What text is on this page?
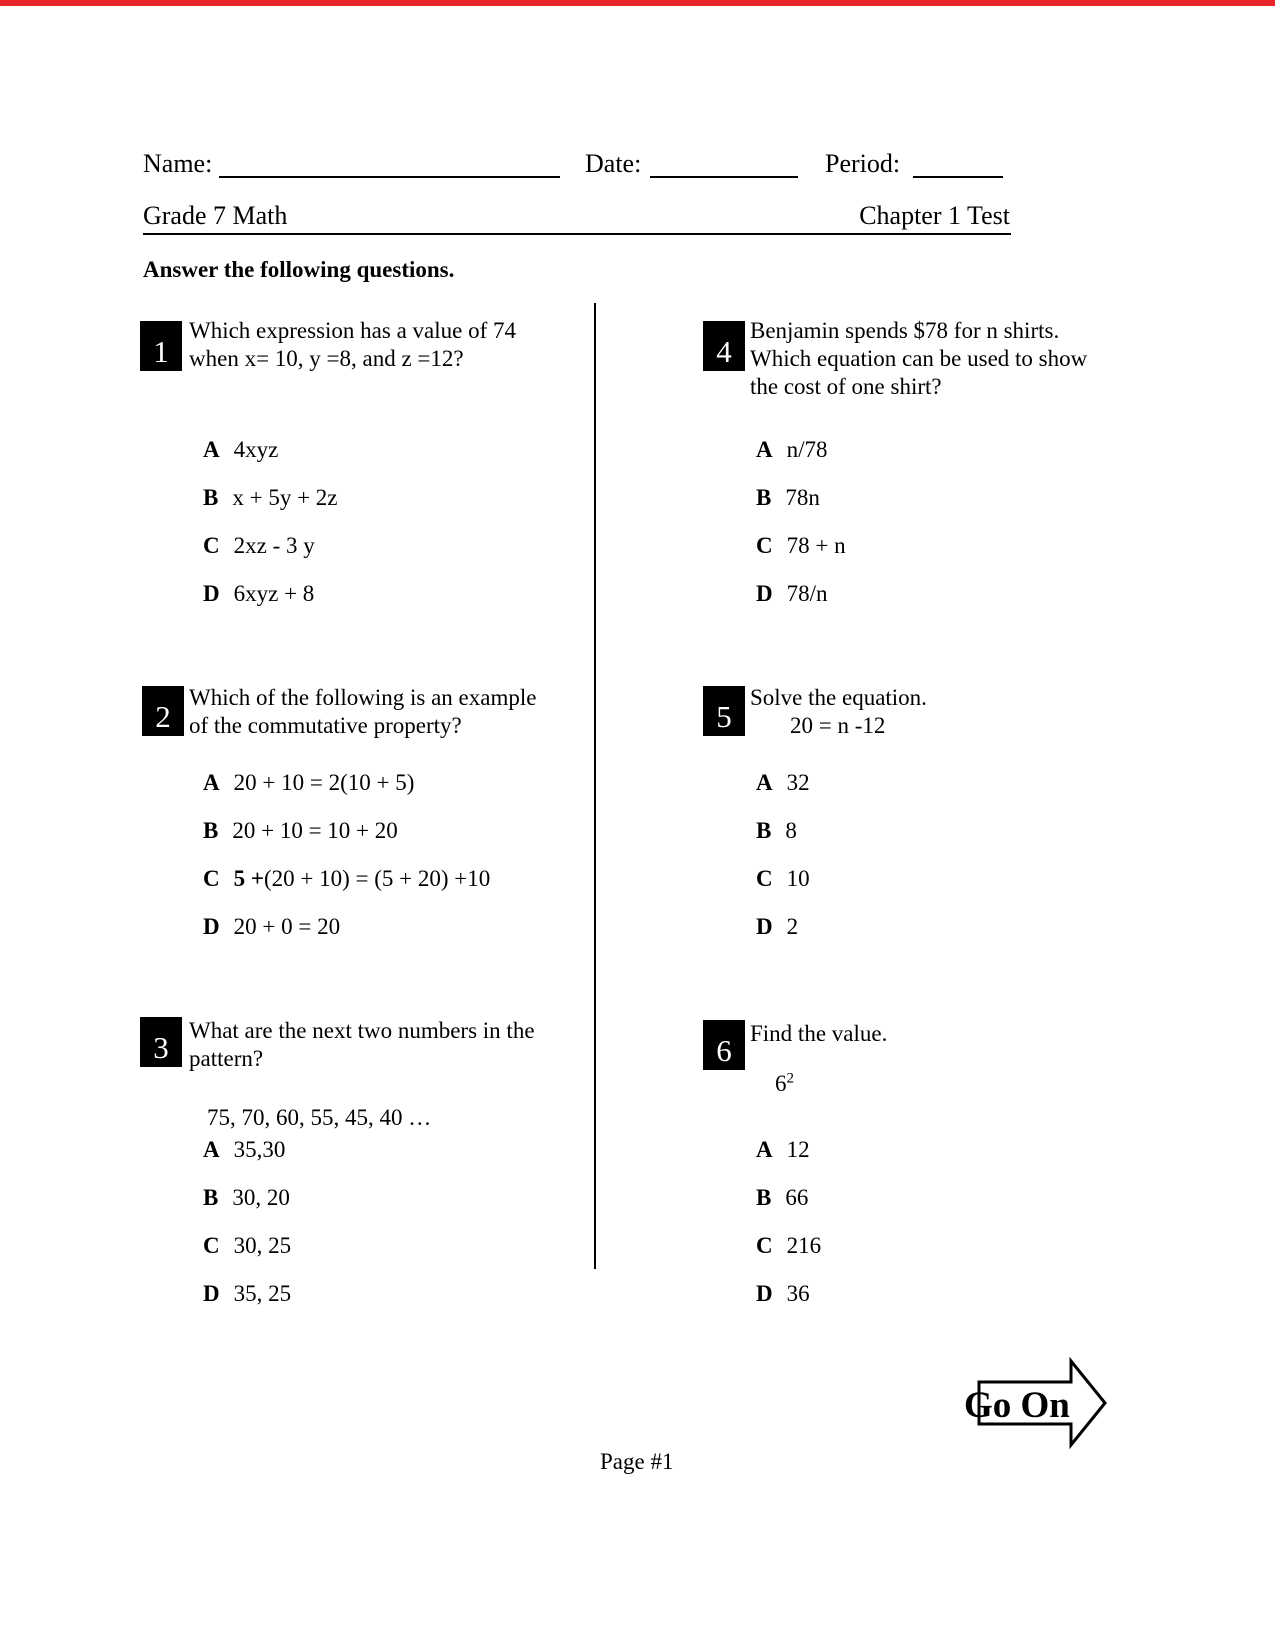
Name:	Date:	Period:
Grade 7 Math	Chapter 1 Test
Answer the following questions.
1
Which expression has a value of 74
when x= 10, y =8, and z =12?
A 4xyz
B x + 5y + 2z
C 2xz - 3 y
D 6xyz + 8
2
Which of the following is an example
of the commutative property?
A 20 + 10 = 2(10 + 5)
B 20 + 10 = 10 + 20
C 5 +(20 + 10) = (5 + 20) +10
D 20 + 0 = 20
3 What are the next two numbers in the
pattern?
75, 70, 60, 55, 45, 40 …
A 35,30
B 30, 20
C 30, 25
D 35, 25
4
Benjamin spends $78 for n shirts.
Which equation can be used to show
the cost of one shirt?
A n/78
B 78n
C 78 + n
D 78/n
5
Solve the equation.
20 = n -12
A 32
B 8
C 10
D 2
6 Find the value.
$6^2$
A 12
B 66
C 216
D 36
Go On
Page #1
